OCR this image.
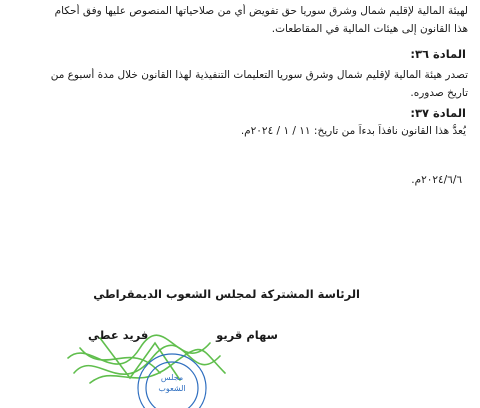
لهيئة المالية لإقليم شمال وشرق سوريا حق تفويض أي من صلاحياتها المنصوص عليها وفق أحكام
هذا القانون إلى هيئات المالية في المقاطعات.
المادة ٣٦:
تصدر هيئة المالية لإقليم شمال وشرق سوريا التعليمات التنفيذية لهذا القانون خلال مدة أسبوع من
تاريخ صدوره.
المادة ٣٧:
يُعدُّ هذا القانون نافذاً بدءاً من تاريخ: ١١ / ١ / ٢٠٢٤م.
٢٠٢٤/٦/٦م.
الرئاسة المشتركة لمجلس الشعوب الديمقراطي
سهام قريو
فريد عطي
مجلس
الشعوب
